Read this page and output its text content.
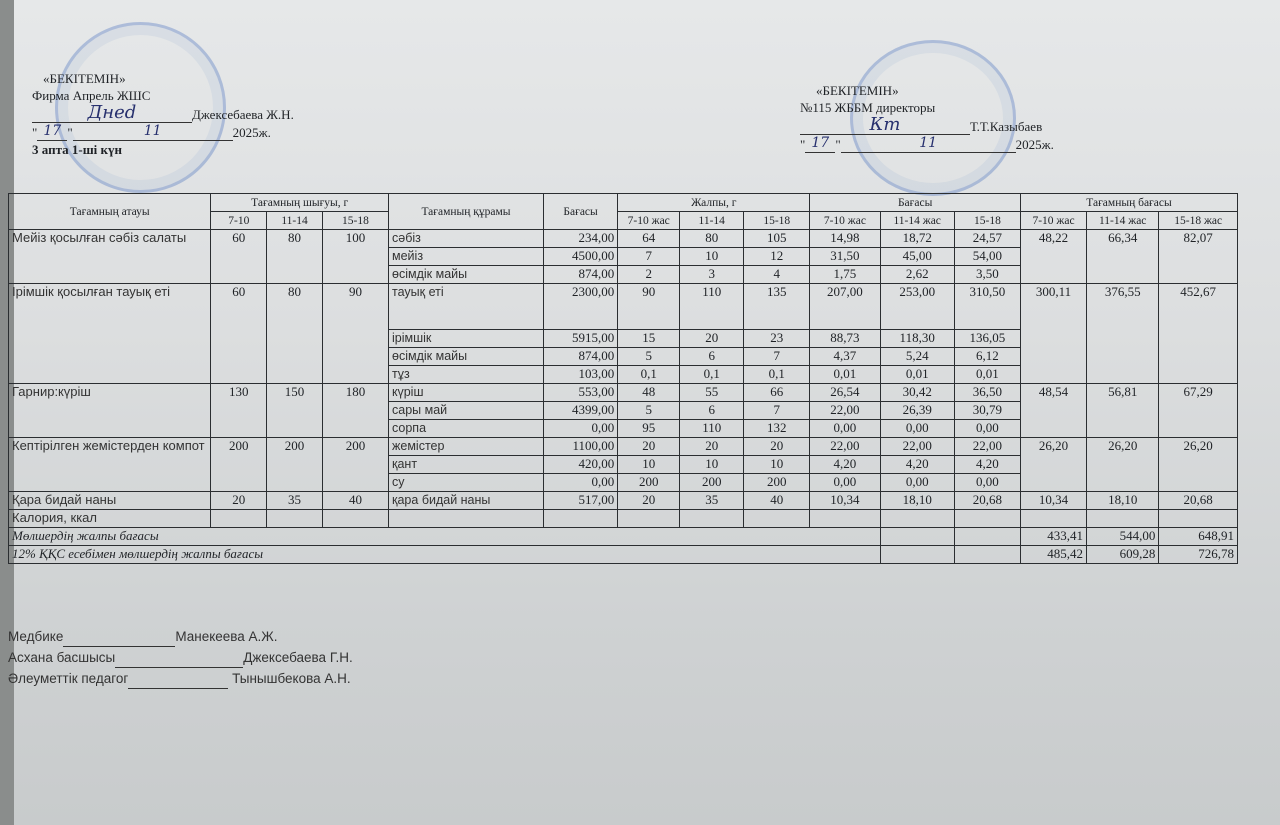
«БЕКІТЕМІН»
Фирма Апрель ЖШС
Днеd	Джексебаева Ж.Н.
" 17 "	11	2025ж.
3 апта 1-ші күн
«БЕКІТЕМІН»
№115 ЖББМ директоры
Кт	Т.Т.Казыбаев
" 17 "	11	2025ж.
Тағамның атауы	Тағамның шығуы, г			Тағамның құрамы	Бағасы	Жалпы, г			Бағасы			Тағамның бағасы		
	7-10	11-14	15-18			7-10 жас	11-14	15-18	7-10 жас	11-14 жас	15-18	7-10 жас	11-14 жас	15-18 жас
Мейіз қосылған сәбіз салаты	60	80	100	сәбіз	234,00	64	80	105	14,98	18,72	24,57	48,22	66,34	82,07
				мейіз	4500,00	7	10	12	31,50	45,00	54,00			
				өсімдік майы	874,00	2	3	4	1,75	2,62	3,50			
Ірімшік қосылған тауық еті	60	80	90	тауық еті	2300,00	90	110	135	207,00	253,00	310,50	300,11	376,55	452,67
				ірімшік	5915,00	15	20	23	88,73	118,30	136,05			
				өсімдік майы	874,00	5	6	7	4,37	5,24	6,12			
				тұз	103,00	0,1	0,1	0,1	0,01	0,01	0,01			
Гарнир:күріш	130	150	180	күріш	553,00	48	55	66	26,54	30,42	36,50	48,54	56,81	67,29
				сары май	4399,00	5	6	7	22,00	26,39	30,79			
				сорпа	0,00	95	110	132	0,00	0,00	0,00			
Кептірілген жемістерден компот	200	200	200	жемістер	1100,00	20	20	20	22,00	22,00	22,00	26,20	26,20	26,20
				қант	420,00	10	10	10	4,20	4,20	4,20			
				су	0,00	200	200	200	0,00	0,00	0,00			
Қара бидай наны	20	35	40	қара бидай наны	517,00	20	35	40	10,34	18,10	20,68	10,34	18,10	20,68
Калория, ккал														
Мөлшердің жалпы бағасы												433,41	544,00	648,91
12% ҚҚС есебімен мөлшердің жалпы бағасы												485,42	609,28	726,78
Медбике	Манекеева А.Ж.
Асхана басшысы	Джексебаева Г.Н.
Әлеуметтік педагог	Тынышбекова А.Н.
